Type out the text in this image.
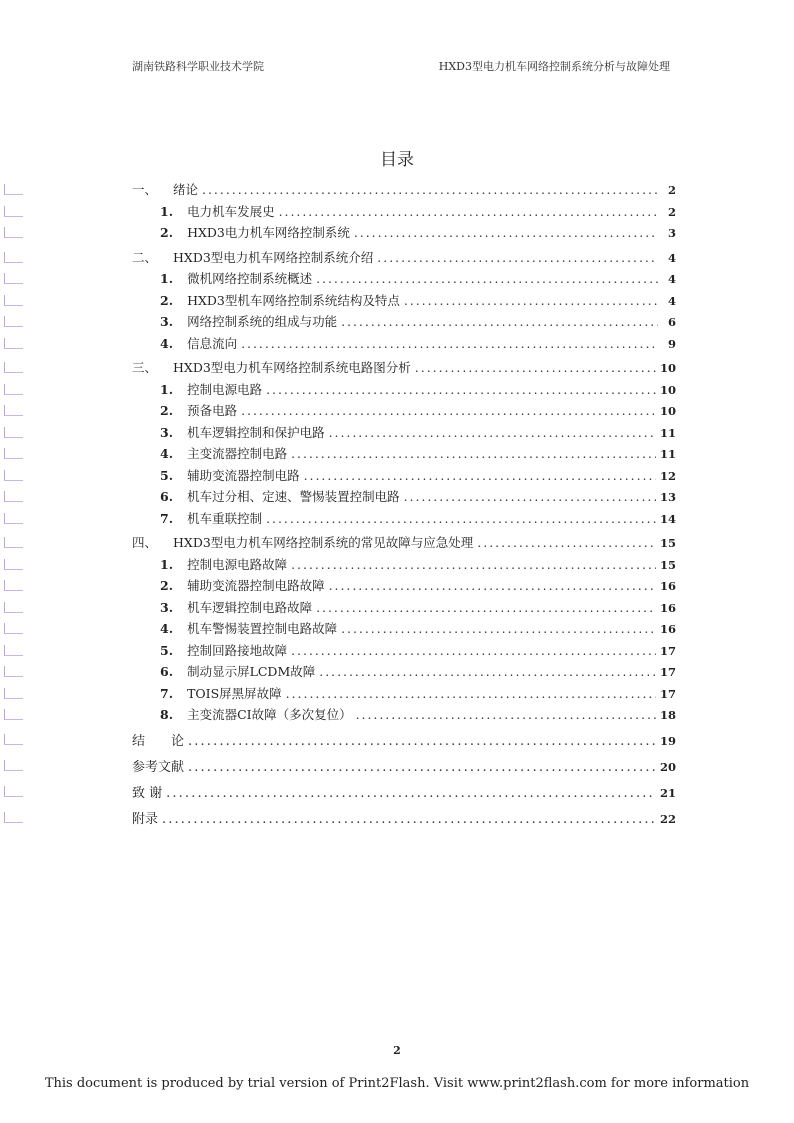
湖南铁路科学职业技术学院	HXD3型电力机车网络控制系统分析与故障处理
目录
一、 绪论 . . .	2
1. 电力机车发展史 . . .	2
2. HXD3电力机车网络控制系统 . . .	3
二、 HXD3型电力机车网络控制系统介绍 . . .	4
1. 微机网络控制系统概述 . . .	4
2. HXD3型机车网络控制系统结构及特点 . . .	4
3. 网络控制系统的组成与功能 . . .	6
4. 信息流向 . . .	9
三、 HXD3型电力机车网络控制系统电路图分析 . . .	10
1. 控制电源电路 . . .	10
2. 预备电路 . . .	10
3. 机车逻辑控制和保护电路 . . .	11
4. 主变流器控制电路 . . .	11
5. 辅助变流器控制电路 . . .	12
6. 机车过分相、定速、警惕装置控制电路 . . .	13
7. 机车重联控制 . . .	14
四、 HXD3型电力机车网络控制系统的常见故障与应急处理 . . .	15
1. 控制电源电路故障 . . .	15
2. 辅助变流器控制电路故障 . . .	16
3. 机车逻辑控制电路故障 . . .	16
4. 机车警惕装置控制电路故障 . . .	16
5. 控制回路接地故障 . . .	17
6. 制动显示屏LCDM故障 . . .	17
7. TOIS屏黑屏故障 . . .	17
8. 主变流器CI故障（多次复位） . . .	18
结　　论 . . .	19
参考文献 . . .	20
致 谢 . . .	21
附录 . . .	22
2
This document is produced by trial version of Print2Flash. Visit www.print2flash.com for more information
